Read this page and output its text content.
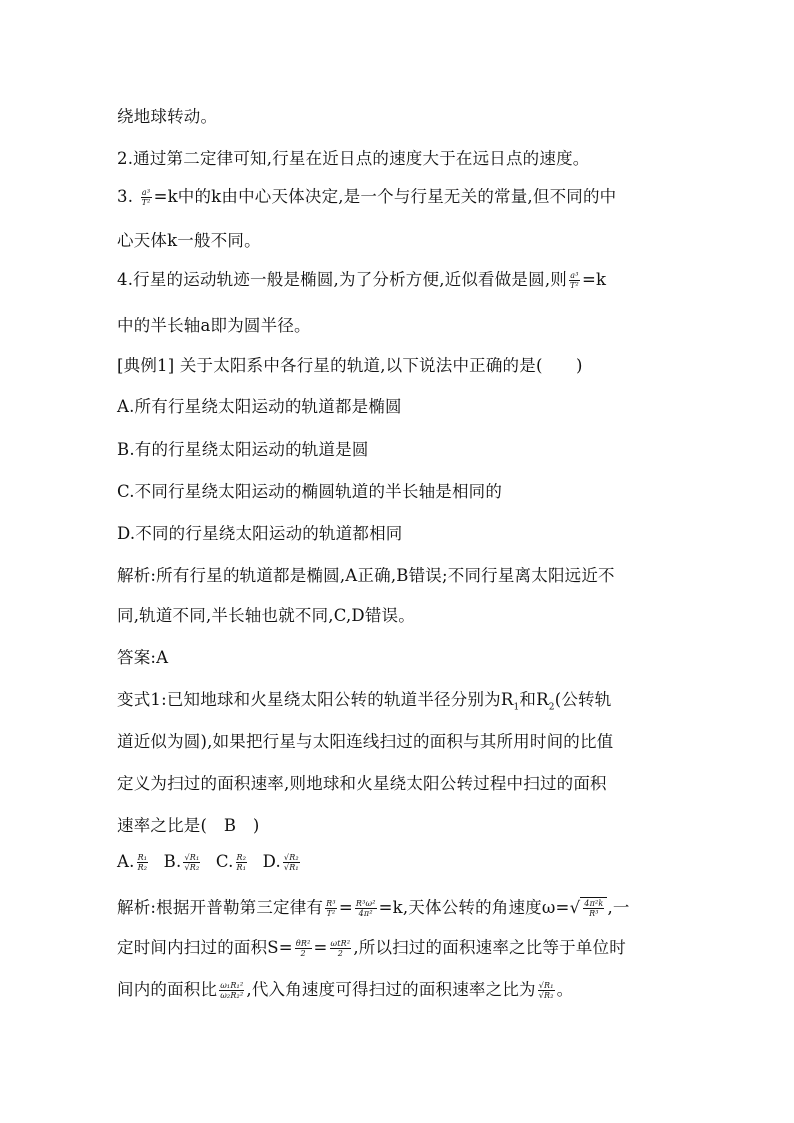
绕地球转动。
2.通过第二定律可知,行星在近日点的速度大于在远日点的速度。
3. $\frac{\text{a³}}{\text{T²}} =k$中的k由中心天体决定,是一个与行星无关的常量,但不同的中
心天体k一般不同。
4.行星的运动轨迹一般是椭圆,为了分析方便,近似看做是圆,则 $\frac{\text{a³}}{\text{T²}} =k$
中的半长轴a即为圆半径。
[典例1] 关于太阳系中各行星的轨道,以下说法中正确的是(　　)
A.所有行星绕太阳运动的轨道都是椭圆
B.有的行星绕太阳运动的轨道是圆
C.不同行星绕太阳运动的椭圆轨道的半长轴是相同的
D.不同的行星绕太阳运动的轨道都相同
解析:所有行星的轨道都是椭圆,A正确,B错误;不同行星离太阳远近不
同,轨道不同,半长轴也就不同,C,D错误。
答案:A
变式1:已知地球和火星绕太阳公转的轨道半径分别为$R_1$和$R_2$(公转轨
道近似为圆),如果把行星与太阳连线扫过的面积与其所用时间的比值
定义为扫过的面积速率,则地球和火星绕太阳公转过程中扫过的面积
速率之比是(　B　)
A. $\frac{\text{R₁}}{\text{R₂}} B$. $\frac{\text{√R₁}}{\text{√R₂}} C$. $\frac{\text{R₂}}{\text{R₁}} D$. $\frac{\text{√R₂}}{\text{√R₁}}$
解析:根据开普勒第三定律有 $\frac{\text{R³}}{\text{T²}} = \frac{\text{R³ω²}}{\text{4π²}} =k$,天体公转的角速度$\omega=√ \frac{\text{4π²k}}{\text{R³}}$ ,一
定时间内扫过的面积$S= \frac{\text{θR²}}{2} = \frac{\text{ωtR²}}{2}$ ,所以扫过的面积速率之比等于单位时
间内的面积比 $\frac{\text{ω₁R₁²}}{\text{ω₂R₂²}}$ ,代入角速度可得扫过的面积速率之比为 $\frac{\text{√R₁}}{\text{√R₂}}$ 。
